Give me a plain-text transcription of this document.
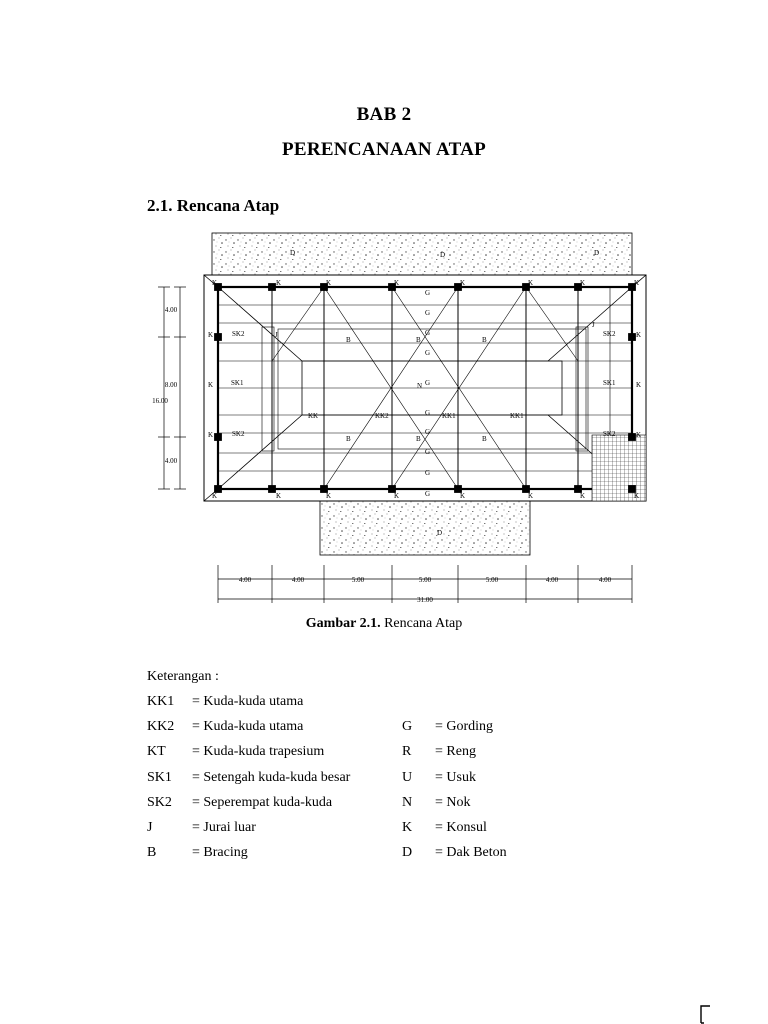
BAB 2
PERENCANAAN ATAP
2.1. Rencana Atap
K	K	K	K	K	K	K	K
K	K	K	K	K	K	K	K
K
K
K
K
K
K
D	D	D
D
G
G
G
G
G
G
G
G
G
G
B	B	B
B	B	B
N
SK1	SK1
SK2
SK2
SK2
SK2
J
J
KK	KK2	KK1	KK1
4.00
8.00
4.00
16.00
4.00	4.00	5.00	5.00	5.00	4.00	4.00
31.00
Gambar 2.1. Rencana Atap
Keterangan :
KK1 = Kuda-kuda utama
KK2 = Kuda-kuda utama	G = Gording
KT = Kuda-kuda trapesium	R = Reng
SK1 = Setengah kuda-kuda besar	U = Usuk
SK2 = Seperempat kuda-kuda	N = Nok
J	= Jurai luar	K = Konsul
B	= Bracing	D = Dak Beton
